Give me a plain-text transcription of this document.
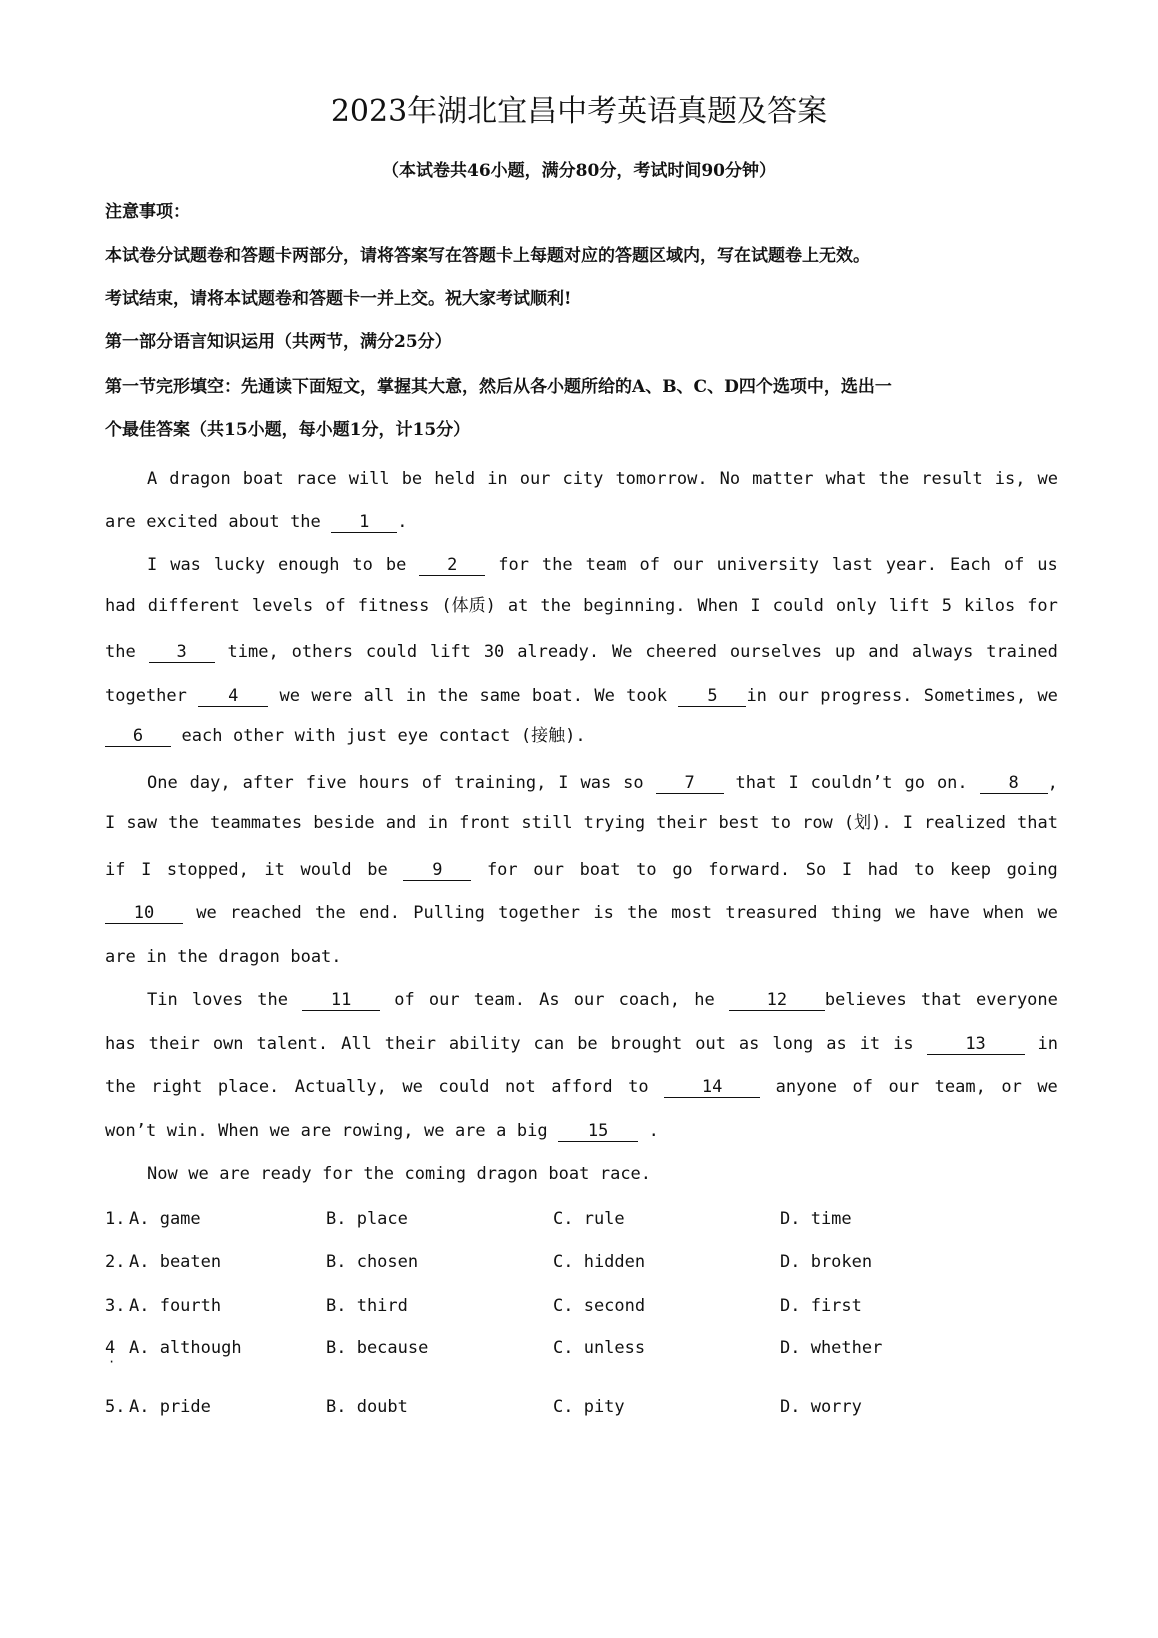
2023年湖北宜昌中考英语真题及答案
（本试卷共46小题，满分80分，考试时间90分钟）
注意事项：
本试卷分试题卷和答题卡两部分，请将答案写在答题卡上每题对应的答题区域内，写在试题卷上无效。
考试结束，请将本试题卷和答题卡一并上交。祝大家考试顺利!
第一部分语言知识运用（共两节，满分25分）
第一节完形填空：先通读下面短文，掌握其大意，然后从各小题所给的A、B、C、D四个选项中，选出一
个最佳答案（共15小题，每小题1分，计15分）
A dragon boat race will be held in our city tomorrow. No matter what the result is, we
are excited about the	1 .
I was lucky enough to be	2	for the team of our university last year. Each of us
had different levels of fitness (体质) at the beginning. When I could only lift 5 kilos for
the	3	time, others could lift 30 already. We cheered ourselves up and always trained
together	4	we were all in the same boat. We took	5 in our progress. Sometimes, we
6	each other with just eye contact (接触).
One day, after five hours of training, I was so	7	that I couldn’t go on.	8 ,
I saw the teammates beside and in front still trying their best to row (划). I realized that
if I stopped, it would be	9	for our boat to go forward. So I had to keep going
10	we reached the end. Pulling together is the most treasured thing we have when we
are in the dragon boat.
Tin loves the	11	of our team. As our coach, he	12 believes that everyone
has their own talent. All their ability can be brought out as long as it is	13	in
the right place. Actually, we could not afford to	14	anyone of our team, or we
won’t win. When we are rowing, we are a big	15	.
Now we are ready for the coming dragon boat race.
1. A. game	B. place	C. rule	D. time
2. A. beaten	B. chosen	C. hidden	D. broken
3. A. fourth	B. third	C. second	D. first
4 A. although	B. because	C. unless	D. whether
·
5. A. pride	B. doubt	C. pity	D. worry
